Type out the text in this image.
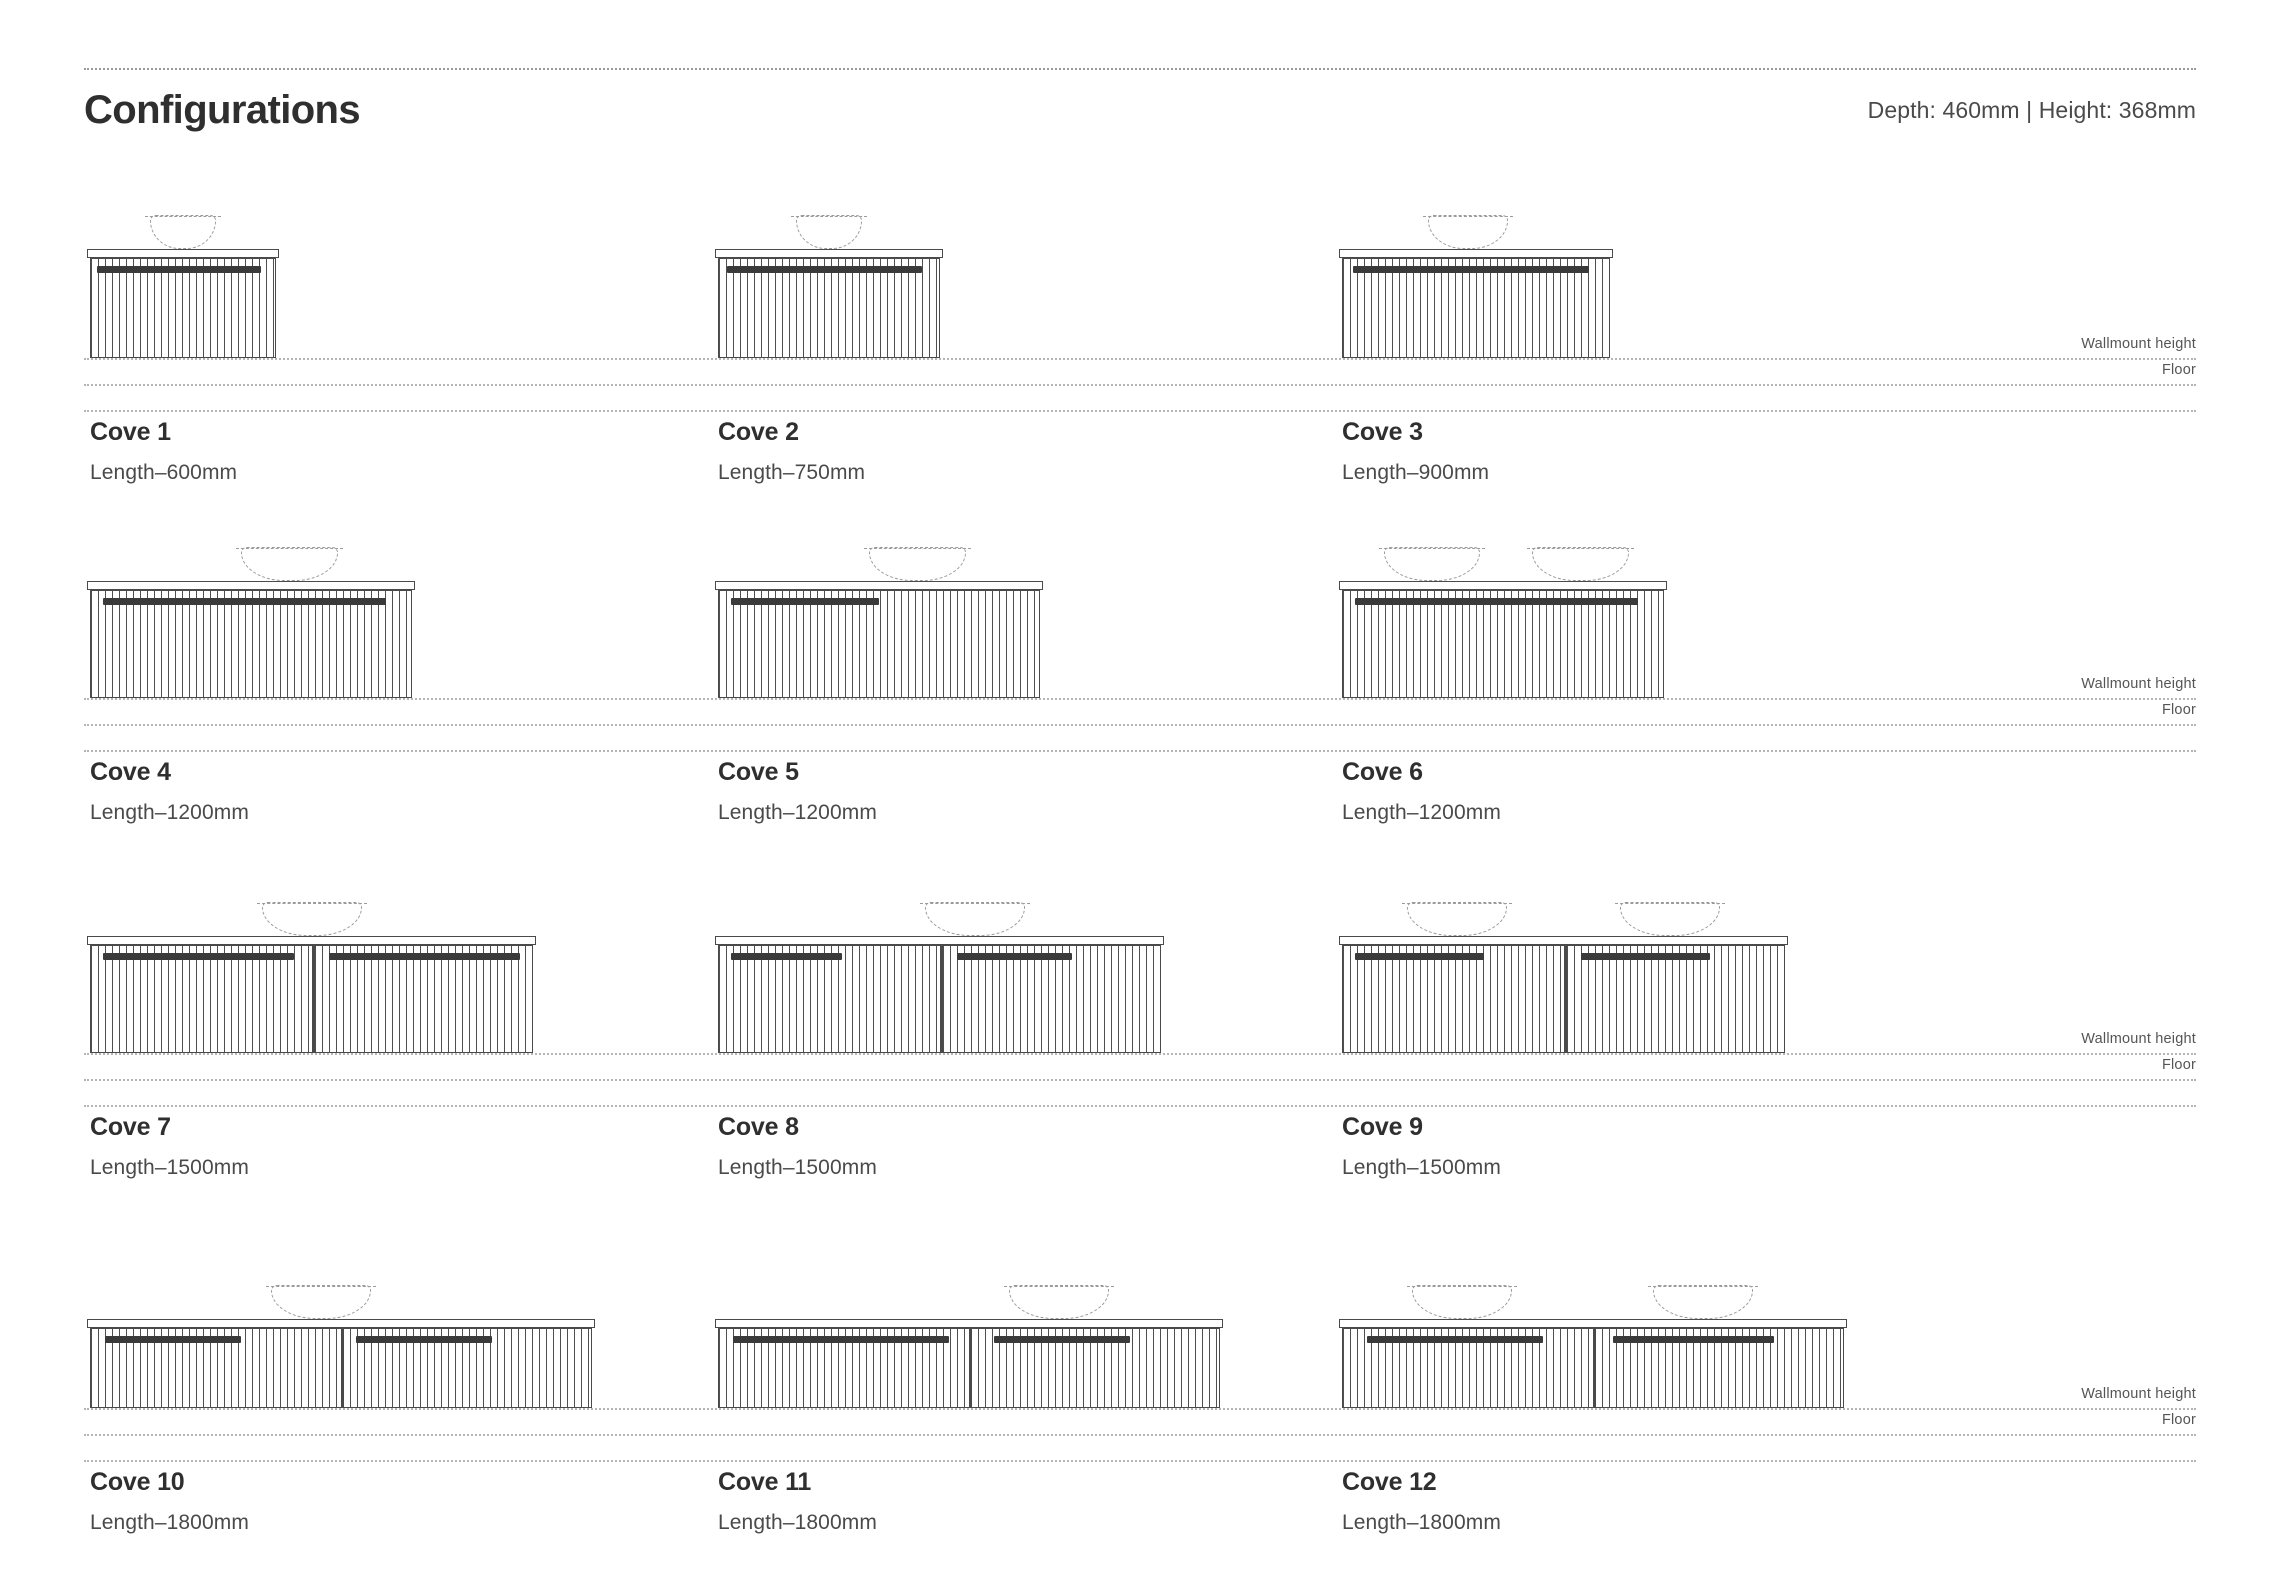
Configurations	Depth: 460mm | Height: 368mm
Cove 1
Length–600mm
Cove 2
Length–750mm
Cove 3
Length–900mm
Cove 4
Length–1200mm
Cove 5
Length–1200mm
Cove 6
Length–1200mm
Cove 7
Length–1500mm
Cove 8
Length–1500mm
Cove 9
Length–1500mm
Cove 10
Length–1800mm
Cove 11
Length–1800mm
Cove 12
Length–1800mm
Wallmount height
Floor
Wallmount height
Floor
Wallmount height
Floor
Wallmount height
Floor
